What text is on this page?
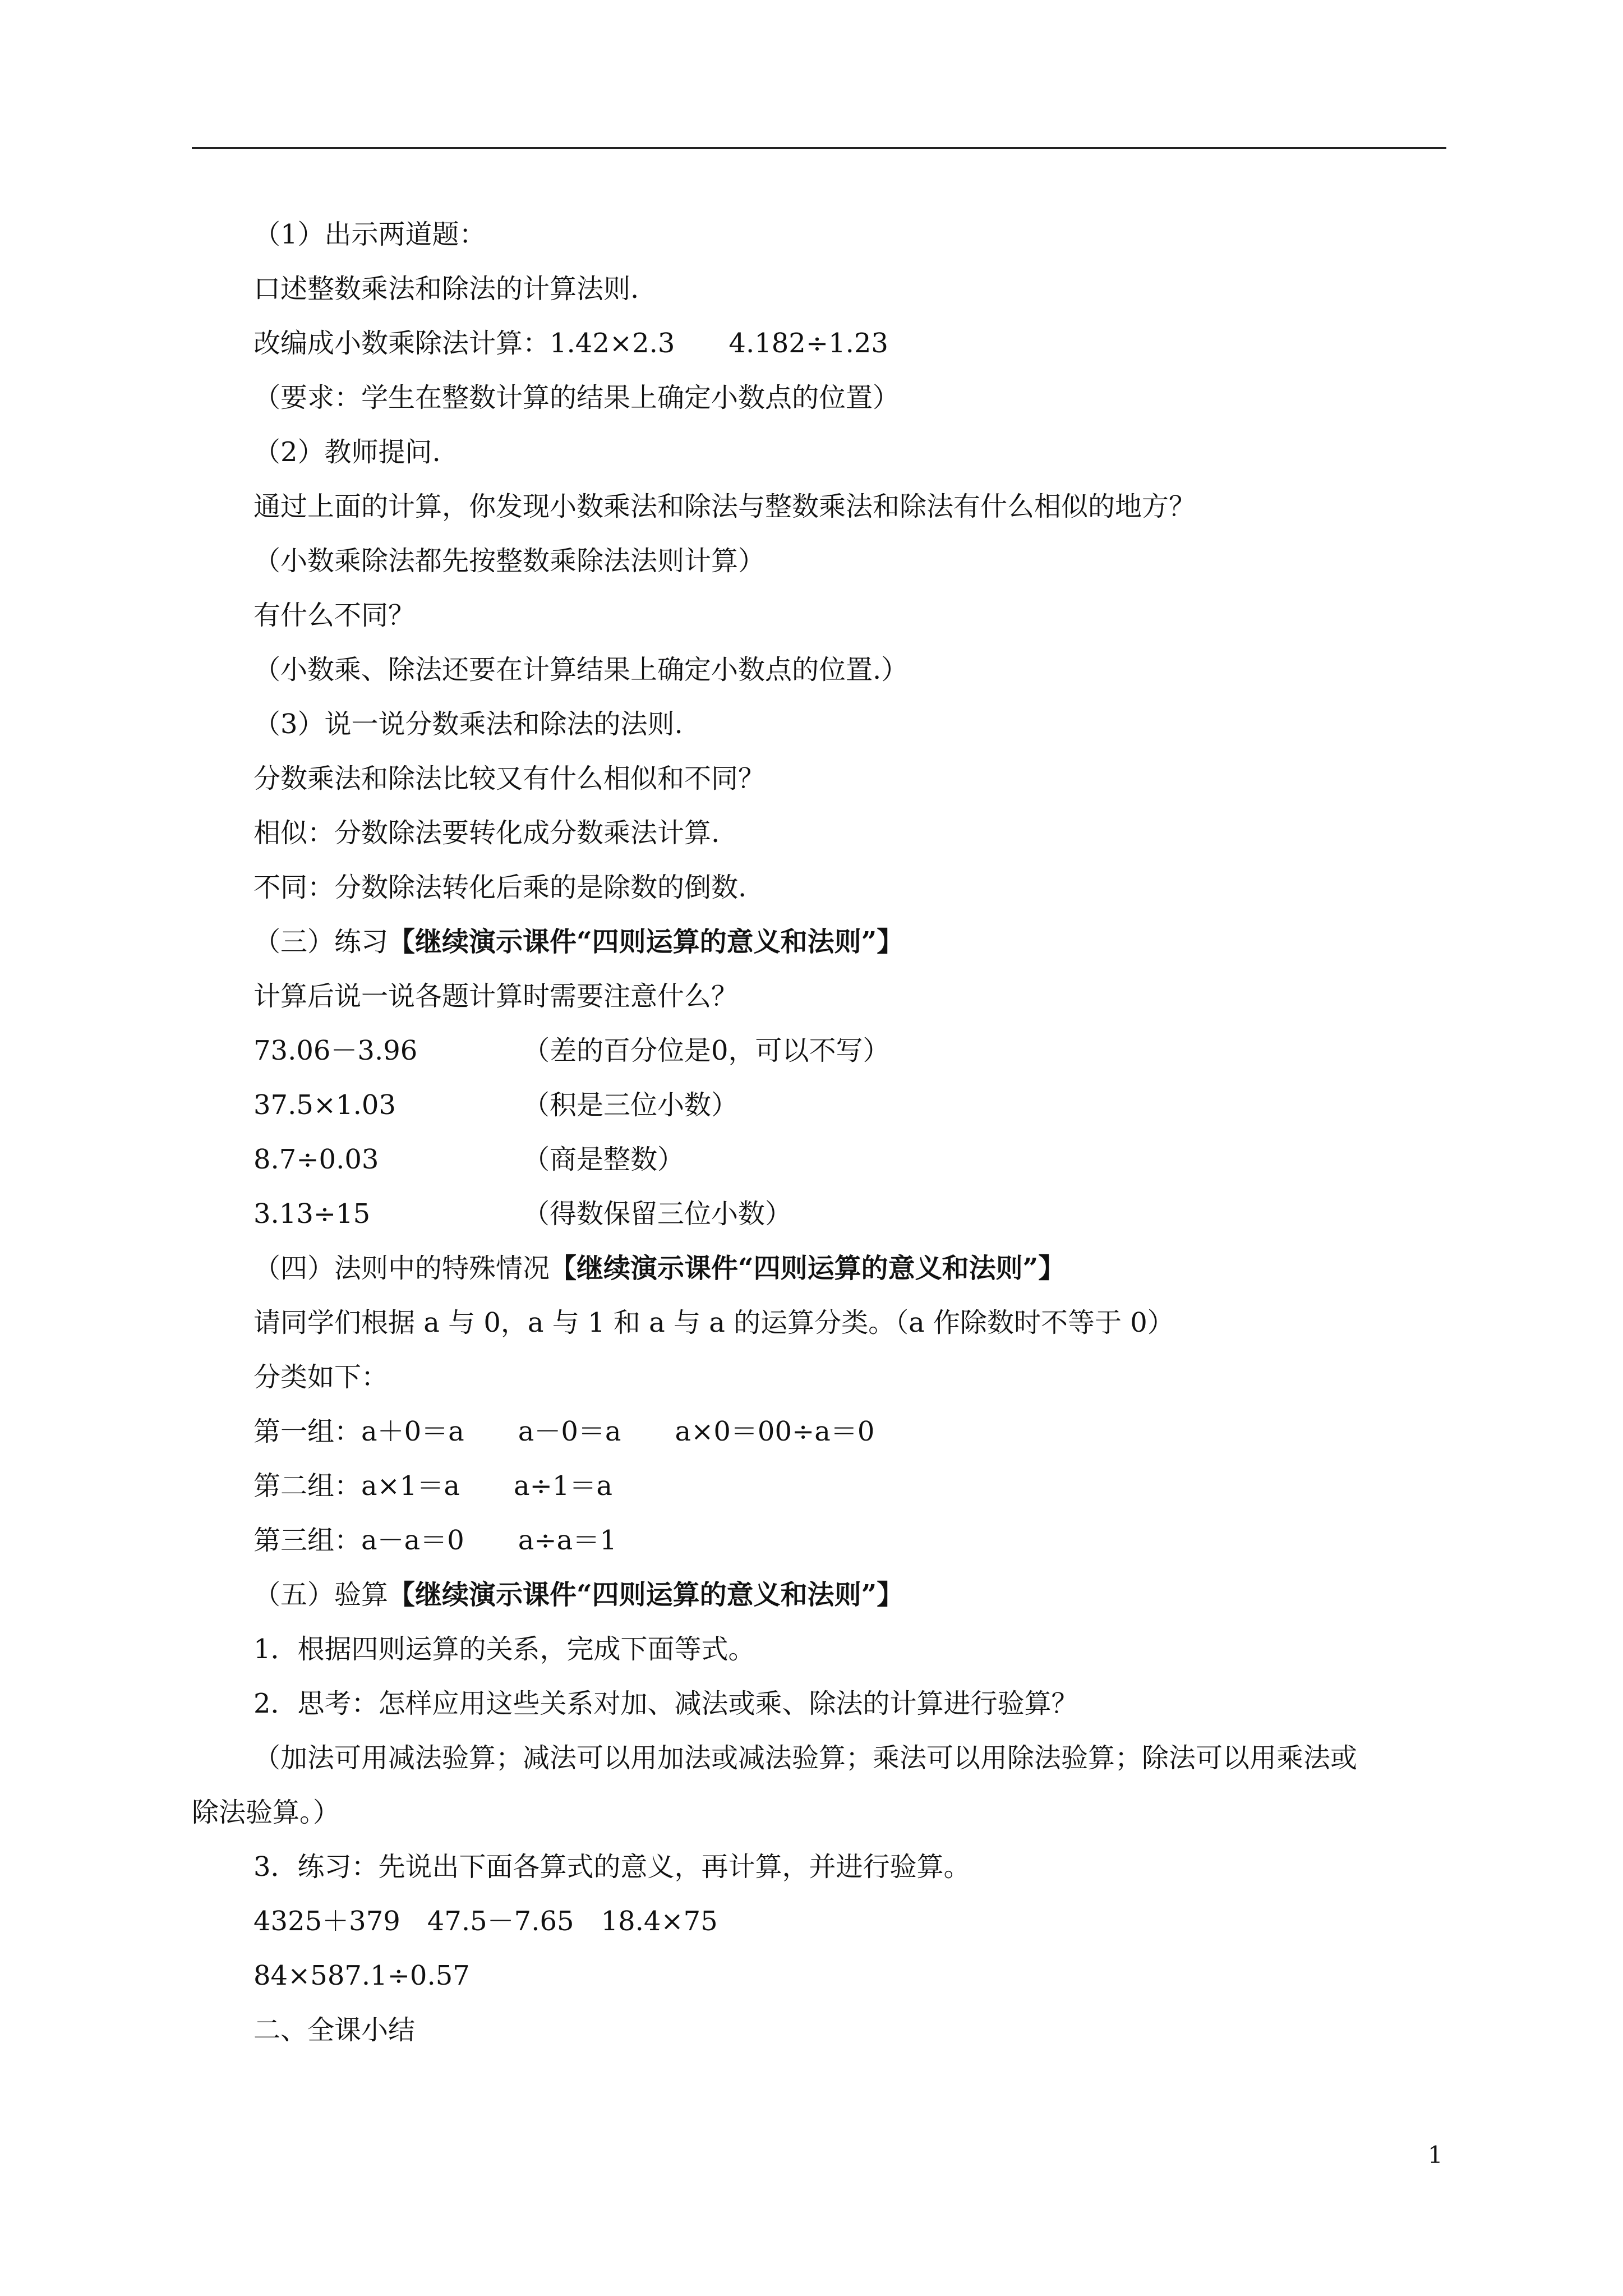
（1）出示两道题：
口述整数乘法和除法的计算法则.
改编成小数乘除法计算：1.42×2.3　　4.182÷1.23
（要求：学生在整数计算的结果上确定小数点的位置）
（2）教师提问.
通过上面的计算，你发现小数乘法和除法与整数乘法和除法有什么相似的地方？
（小数乘除法都先按整数乘除法法则计算）
有什么不同？
（小数乘、除法还要在计算结果上确定小数点的位置.）
（3）说一说分数乘法和除法的法则.
分数乘法和除法比较又有什么相似和不同？
相似：分数除法要转化成分数乘法计算.
不同：分数除法转化后乘的是除数的倒数.
（三）练习【继续演示课件“四则运算的意义和法则”】
计算后说一说各题计算时需要注意什么？
73.06－3.96	（差的百分位是0，可以不写）
37.5×1.03	（积是三位小数）
8.7÷0.03	（商是整数）
3.13÷15	（得数保留三位小数）
（四）法则中的特殊情况【继续演示课件“四则运算的意义和法则”】
请同学们根据 a 与 0，a 与 1 和 a 与 a 的运算分类。（a 作除数时不等于 0）
分类如下：
第一组：a＋0＝a　　a－0＝a　　a×0＝00÷a＝0
第二组：a×1＝a　　a÷1＝a
第三组：a－a＝0　　a÷a＝1
（五）验算【继续演示课件“四则运算的意义和法则”】
1．根据四则运算的关系，完成下面等式。
2．思考：怎样应用这些关系对加、减法或乘、除法的计算进行验算？
（加法可用减法验算；减法可以用加法或减法验算；乘法可以用除法验算；除法可以用乘法或
除法验算。）
3．练习：先说出下面各算式的意义，再计算，并进行验算。
4325＋379　47.5－7.65　18.4×75
84×587.1÷0.57
二、全课小结
1
